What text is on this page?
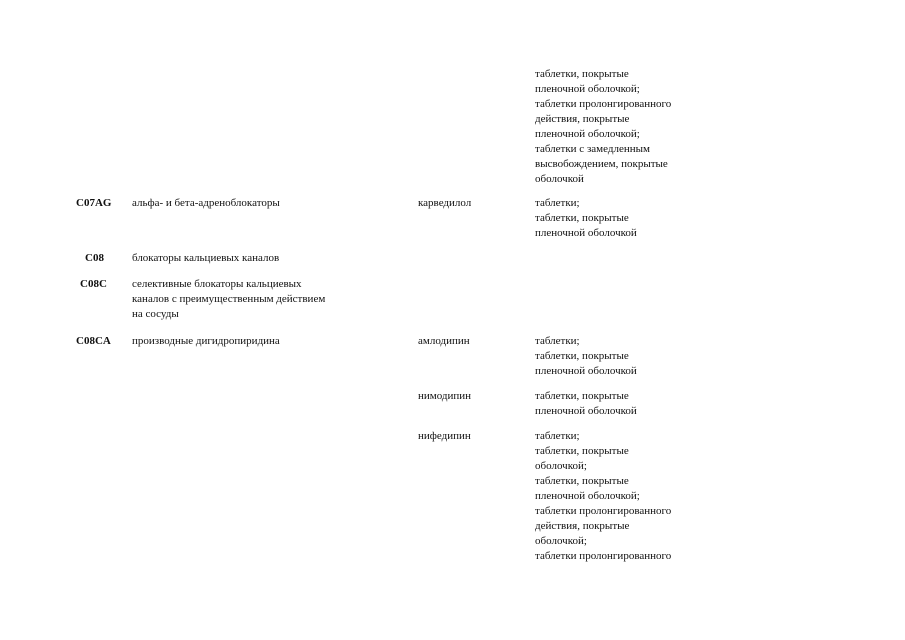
таблетки, покрытые
пленочной оболочкой;
таблетки пролонгированного
действия, покрытые
пленочной оболочкой;
таблетки с замедленным
высвобождением, покрытые
оболочкой
C07AG альфа- и бета-адреноблокаторы	карведилол	таблетки;
таблетки, покрытые
пленочной оболочкой
C08	блокаторы кальциевых каналов
C08C селективные блокаторы кальциевых
каналов с преимущественным действием
на сосуды
C08CA производные дигидропиридина	амлодипин	таблетки;
таблетки, покрытые
пленочной оболочкой
нимодипин	таблетки, покрытые
пленочной оболочкой
нифедипин	таблетки;
таблетки, покрытые
оболочкой;
таблетки, покрытые
пленочной оболочкой;
таблетки пролонгированного
действия, покрытые
оболочкой;
таблетки пролонгированного
